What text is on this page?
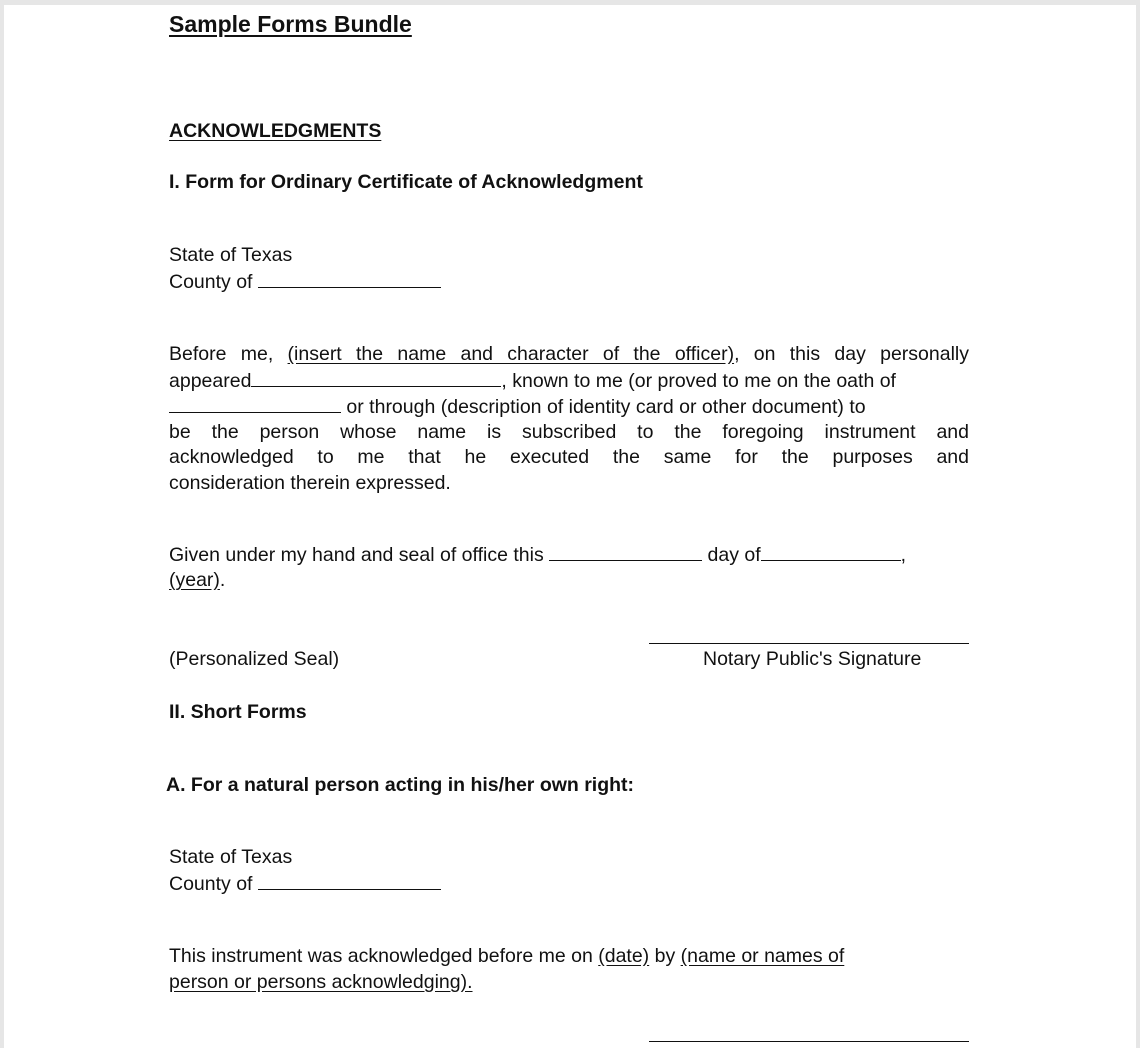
Sample Forms Bundle
ACKNOWLEDGMENTS
I. Form for Ordinary Certificate of Acknowledgment
State of Texas
County of
Before me, (insert the name and character of the officer), on this day personally
appeared	, known to me (or proved to me on the oath of
or through (description of identity card or other document) to
be the person whose name is subscribed to the foregoing instrument and
acknowledged to me that he executed the same for the purposes and
consideration therein expressed.
Given under my hand and seal of office this	day of	,
(year).
(Personalized Seal)	Notary Public's Signature
II. Short Forms
A. For a natural person acting in his/her own right:
State of Texas
County of
This instrument was acknowledged before me on (date) by (name or names of
person or persons acknowledging).
